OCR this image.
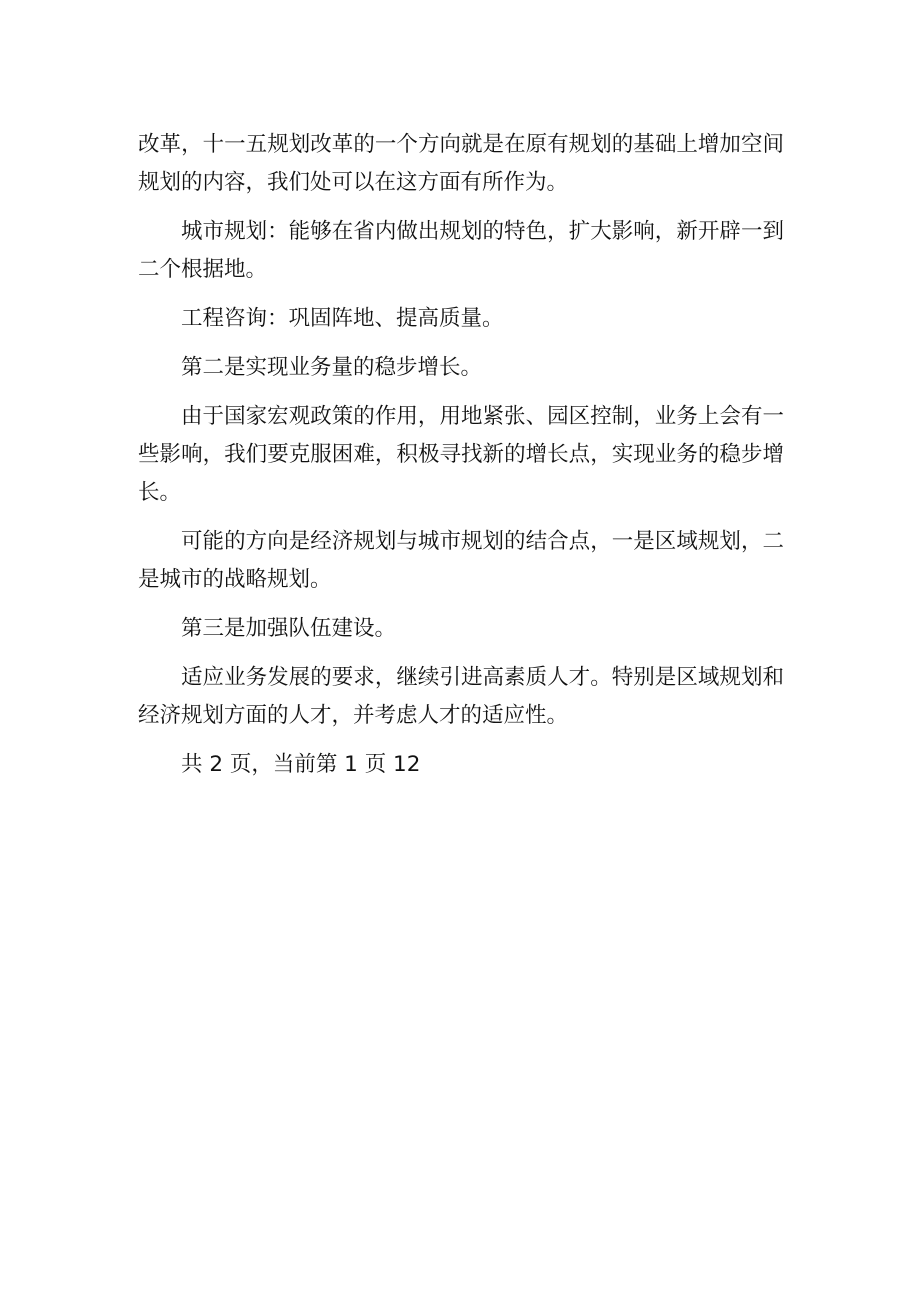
改革，十一五规划改革的一个方向就是在原有规划的基础上增加空间规划的内容，我们处可以在这方面有所作为。

城市规划：能够在省内做出规划的特色，扩大影响，新开辟一到二个根据地。

工程咨询：巩固阵地、提高质量。

第二是实现业务量的稳步增长。

由于国家宏观政策的作用，用地紧张、园区控制，业务上会有一些影响，我们要克服困难，积极寻找新的增长点，实现业务的稳步增长。

可能的方向是经济规划与城市规划的结合点，一是区域规划，二是城市的战略规划。

第三是加强队伍建设。

适应业务发展的要求，继续引进高素质人才。特别是区域规划和经济规划方面的人才，并考虑人才的适应性。

共 2 页，当前第 1 页 12
